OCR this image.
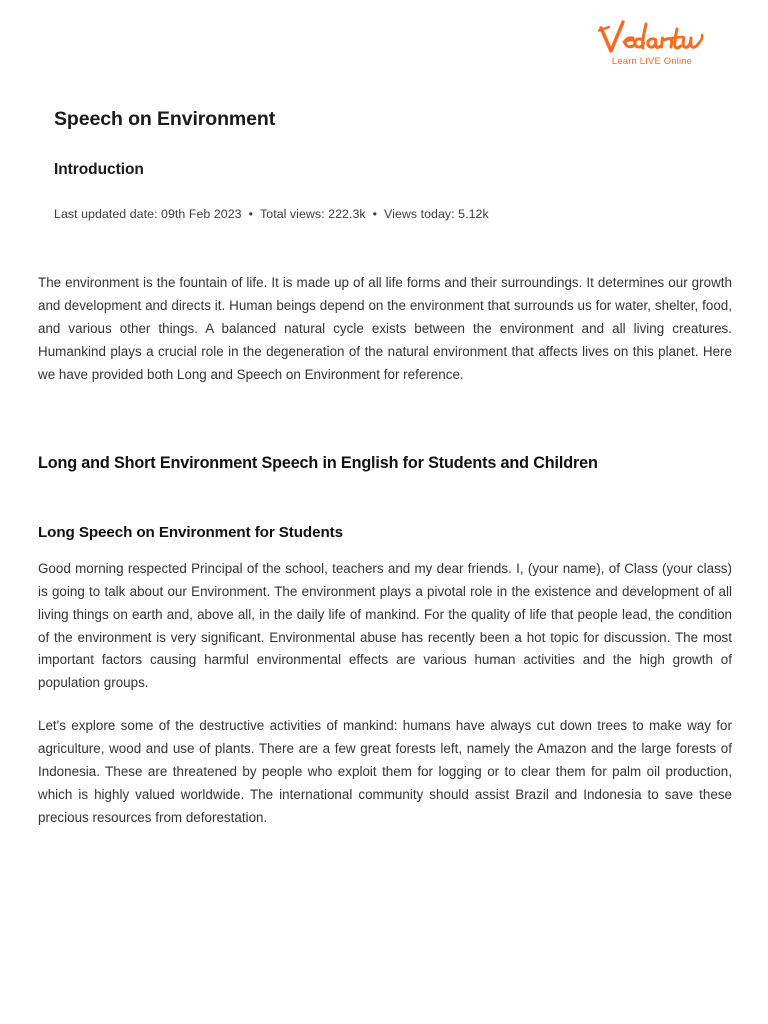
Learn LIVE Online
Speech on Environment
Introduction
Last updated date: 09th Feb 2023 • Total views: 222.3k • Views today: 5.12k

The environment is the fountain of life. It is made up of all life forms and their surroundings. It determines our growth and development and directs it. Human beings depend on the environment that surrounds us for water, shelter, food, and various other things. A balanced natural cycle exists between the environment and all living creatures. Humankind plays a crucial role in the degeneration of the natural environment that affects lives on this planet. Here we have provided both Long and Speech on Environment for reference.

Long and Short Environment Speech in English for Students and Children
Long Speech on Environment for Students

Good morning respected Principal of the school, teachers and my dear friends. I, (your name), of Class (your class) is going to talk about our Environment. The environment plays a pivotal role in the existence and development of all living things on earth and, above all, in the daily life of mankind. For the quality of life that people lead, the condition of the environment is very significant. Environmental abuse has recently been a hot topic for discussion. The most important factors causing harmful environmental effects are various human activities and the high growth of population groups.

Let's explore some of the destructive activities of mankind: humans have always cut down trees to make way for agriculture, wood and use of plants. There are a few great forests left, namely the Amazon and the large forests of Indonesia. These are threatened by people who exploit them for logging or to clear them for palm oil production, which is highly valued worldwide. The international community should assist Brazil and Indonesia to save these precious resources from deforestation.
